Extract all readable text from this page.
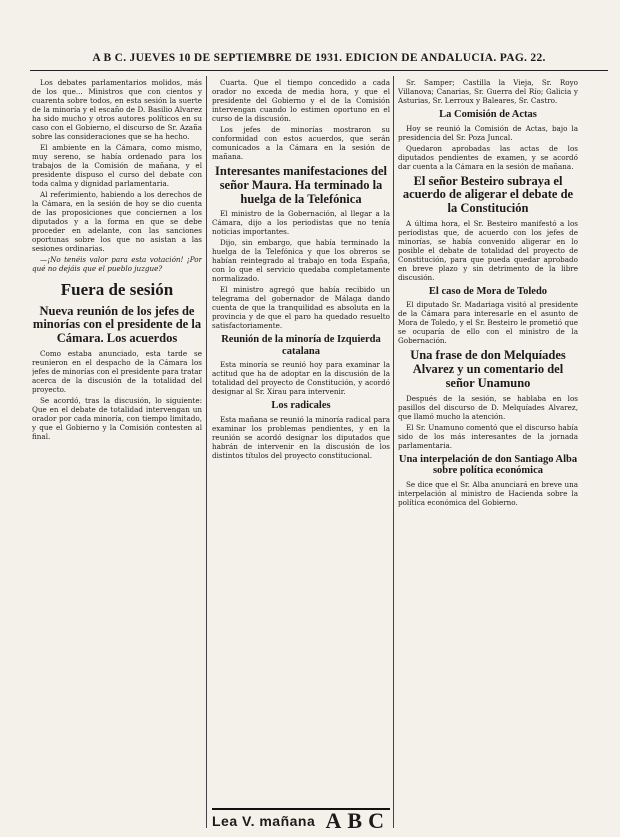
A B C. JUEVES 10 DE SEPTIEMBRE DE 1931. EDICION DE ANDALUCIA. PAG. 22.

Los debates parlamentarios molidos, más de los que... Ministros que con cientos y cuarenta sobre todos, en esta sesión la suerte de la minoría y el escaño de D. Basilio Alvarez ha sido mucho y otros autores políticos en su caso con el Gobierno, el discurso de Sr. Azaña sobre las consideraciones que se ha hecho.

El ambiente en la Cámara, como mismo, muy sereno, se había ordenado para los trabajos de la Comisión de mañana, y el presidente dispuso el curso del debate con toda calma y dignidad parlamentaria.

Al referimiento, habiendo a los derechos de la Cámara, en la sesión de hoy se dio cuenta de las proposiciones que conciernen a los diputados y a la forma en que se debe proceder en adelante, con las sanciones oportunas sobre los que no asistan a las sesiones ordinarias.

—¡No tenéis valor para esta votación! ¡Por qué no dejáis que el pueblo juzgue?

Fuera de sesión
Nueva reunión de los jefes de minorías con el presidente de la Cámara. Los acuerdos

Como estaba anunciado, esta tarde se reunieron en el despacho de la Cámara los jefes de minorías con el presidente para tratar acerca de la discusión de la totalidad del proyecto.

Se acordó, tras la discusión, lo siguiente: Que en el debate de totalidad intervengan un orador por cada minoría, con tiempo limitado, y que el Gobierno y la Comisión contesten al final.

Cuarta. Que el tiempo concedido a cada orador no exceda de media hora, y que el presidente del Gobierno y el de la Comisión intervengan cuando lo estimen oportuno en el curso de la discusión.

Los jefes de minorías mostraron su conformidad con estos acuerdos, que serán comunicados a la Cámara en la sesión de mañana.

Interesantes manifestaciones del señor Maura. Ha terminado la huelga de la Telefónica

El ministro de la Gobernación, al llegar a la Cámara, dijo a los periodistas que no tenía noticias importantes.

Dijo, sin embargo, que había terminado la huelga de la Telefónica y que los obreros se habían reintegrado al trabajo en toda España, con lo que el servicio quedaba completamente normalizado.

El ministro agregó que había recibido un telegrama del gobernador de Málaga dando cuenta de que la tranquilidad es absoluta en la provincia y de que el paro ha quedado resuelto satisfactoriamente.

Reunión de la minoría de Izquierda catalana

Esta minoría se reunió hoy para examinar la actitud que ha de adoptar en la discusión de la totalidad del proyecto de Constitución, y acordó designar al Sr. Xirau para intervenir.

Los radicales

Esta mañana se reunió la minoría radical para examinar los problemas pendientes, y en la reunión se acordó designar los diputados que habrán de intervenir en la discusión de los distintos títulos del proyecto constitucional.

Sr. Samper; Castilla la Vieja, Sr. Royo Villanova; Canarias, Sr. Guerra del Río; Galicia y Asturias, Sr. Lerroux y Baleares, Sr. Castro.

La Comisión de Actas

Hoy se reunió la Comisión de Actas, bajo la presidencia del Sr. Poza Juncal.

Quedaron aprobadas las actas de los diputados pendientes de examen, y se acordó dar cuenta a la Cámara en la sesión de mañana.

El señor Besteiro subraya el acuerdo de aligerar el debate de la Constitución

A última hora, el Sr. Besteiro manifestó a los periodistas que, de acuerdo con los jefes de minorías, se había convenido aligerar en lo posible el debate de totalidad del proyecto de Constitución, para que pueda quedar aprobado en breve plazo y sin detrimento de la libre discusión.

El caso de Mora de Toledo

El diputado Sr. Madariaga visitó al presidente de la Cámara para interesarle en el asunto de Mora de Toledo, y el Sr. Besteiro le prometió que se ocuparía de ello con el ministro de la Gobernación.

Una frase de don Melquíades Alvarez y un comentario del señor Unamuno

Después de la sesión, se hablaba en los pasillos del discurso de D. Melquíades Alvarez, que llamó mucho la atención.

El Sr. Unamuno comentó que el discurso había sido de los más interesantes de la jornada parlamentaria.

Una interpelación de don Santiago Alba sobre política económica

Se dice que el Sr. Alba anunciará en breve una interpelación al ministro de Hacienda sobre la política económica del Gobierno.

Lea V. mañana ABC
